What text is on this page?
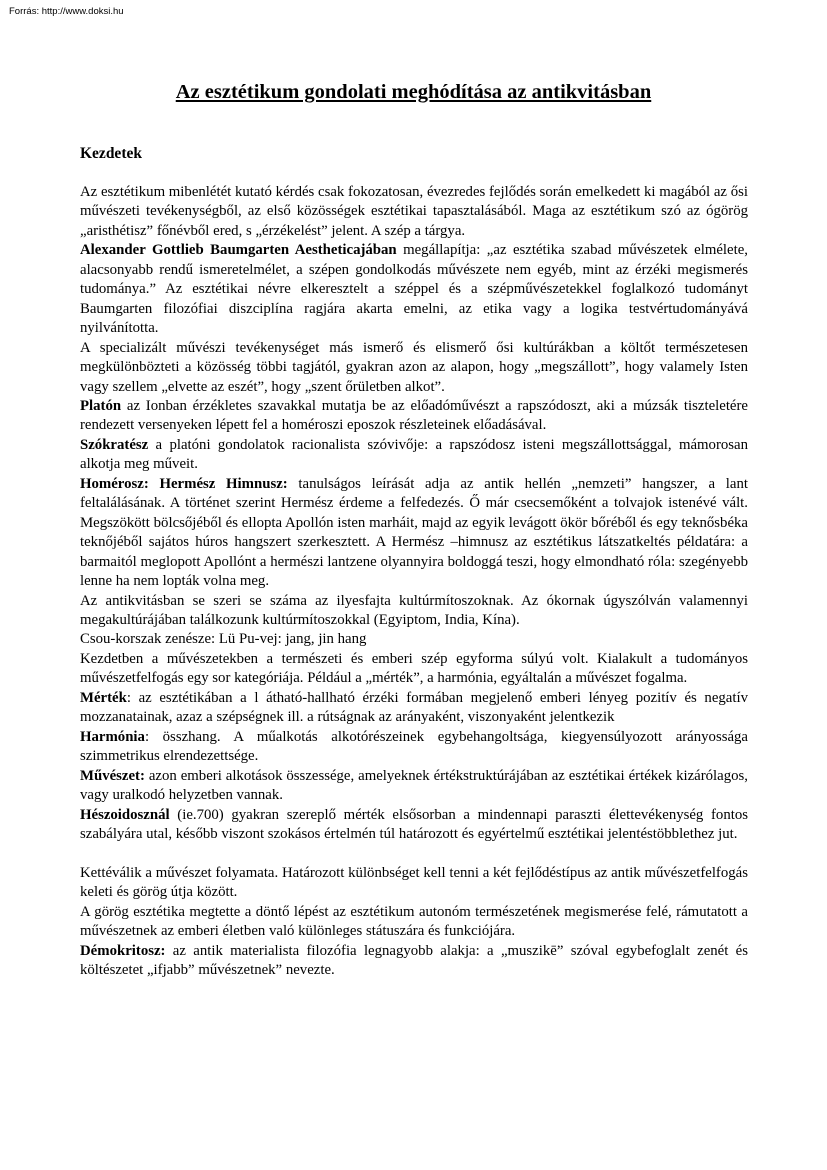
Forrás: http://www.doksi.hu
Az esztétikum gondolati meghódítása az antikvitásban
Kezdetek

Az esztétikum mibenlétét kutató kérdés csak fokozatosan, évezredes fejlődés során emelkedett ki magából az ősi művészeti tevékenységből, az első közösségek esztétikai tapasztalásából. Maga az esztétikum szó az ógörög „aristhétisz” főnévből ered, s „érzékelést” jelent. A szép a tárgya.

Alexander Gottlieb Baumgarten Aestheticajában megállapítja: „az esztétika szabad művészetek elmélete, alacsonyabb rendű ismeretelmélet, a szépen gondolkodás művészete nem egyéb, mint az érzéki megismerés tudománya.” Az esztétikai névre elkeresztelt a széppel és a szépművészetekkel foglalkozó tudományt Baumgarten filozófiai diszciplína ragjára akarta emelni, az etika vagy a logika testvértudományává nyilvánította.

A specializált művészi tevékenységet más ismerő és elismerő ősi kultúrákban a költőt természetesen megkülönbözteti a közösség többi tagjától, gyakran azon az alapon, hogy „megszállott”, hogy valamely Isten vagy szellem „elvette az eszét”, hogy „szent őrületben alkot”.

Platón az Ionban érzékletes szavakkal mutatja be az előadóművészt a rapszódoszt, aki a múzsák tiszteletére rendezett versenyeken lépett fel a homéroszi eposzok részleteinek előadásával.

Szókratész a platóni gondolatok racionalista szóvivője: a rapszódosz isteni megszállottsággal, mámorosan alkotja meg műveit.

Homérosz: Hermész Himnusz: tanulságos leírását adja az antik hellén „nemzeti” hangszer, a lant feltalálásának. A történet szerint Hermész érdeme a felfedezés. Ő már csecsemőként a tolvajok istenévé vált. Megszökött bölcsőjéből és ellopta Apollón isten marháit, majd az egyik levágott ökör bőréből és egy teknősbéka teknőjéből sajátos húros hangszert szerkesztett. A Hermész –himnusz az esztétikus látszatkeltés példatára: a barmaitól meglopott Apollónt a hermészi lantzene olyannyira boldoggá teszi, hogy elmondható róla: szegényebb lenne ha nem lopták volna meg.

Az antikvitásban se szeri se száma az ilyesfajta kultúrmítoszoknak. Az ókornak úgyszólván valamennyi megakultúrájában találkozunk kultúrmítoszokkal (Egyiptom, India, Kína).

Csou-korszak zenésze: Lü Pu-vej: jang, jin hang

Kezdetben a művészetekben a természeti és emberi szép egyforma súlyú volt. Kialakult a tudományos művészetfelfogás egy sor kategóriája. Például a „mérték”, a harmónia, egyáltalán a művészet fogalma.

Mérték: az esztétikában a l átható-hallható érzéki formában megjelenő emberi lényeg pozitív és negatív mozzanatainak, azaz a szépségnek ill. a rútságnak az arányaként, viszonyaként jelentkezik

Harmónia: összhang. A műalkotás alkotórészeinek egybehangoltsága, kiegyensúlyozott arányossága szimmetrikus elrendezettsége.

Művészet: azon emberi alkotások összessége, amelyeknek értékstruktúrájában az esztétikai értékek kizárólagos, vagy uralkodó helyzetben vannak.

Hészoidosznál (ie.700) gyakran szereplő mérték elsősorban a mindennapi paraszti élettevékenység fontos szabályára utal, később viszont szokásos értelmén túl határozott és egyértelmű esztétikai jelentéstöbblethez jut.

Kettéválik a művészet folyamata. Határozott különbséget kell tenni a két fejlődéstípus az antik művészetfelfogás keleti és görög útja között.

A görög esztétika megtette a döntő lépést az esztétikum autonóm természetének megismerése felé, rámutatott a művészetnek az emberi életben való különleges státuszára és funkciójára.

Démokritosz: az antik materialista filozófia legnagyobb alakja: a „muszikē” szóval egybefoglalt zenét és költészetet „ifjabb” művészetnek” nevezte.
